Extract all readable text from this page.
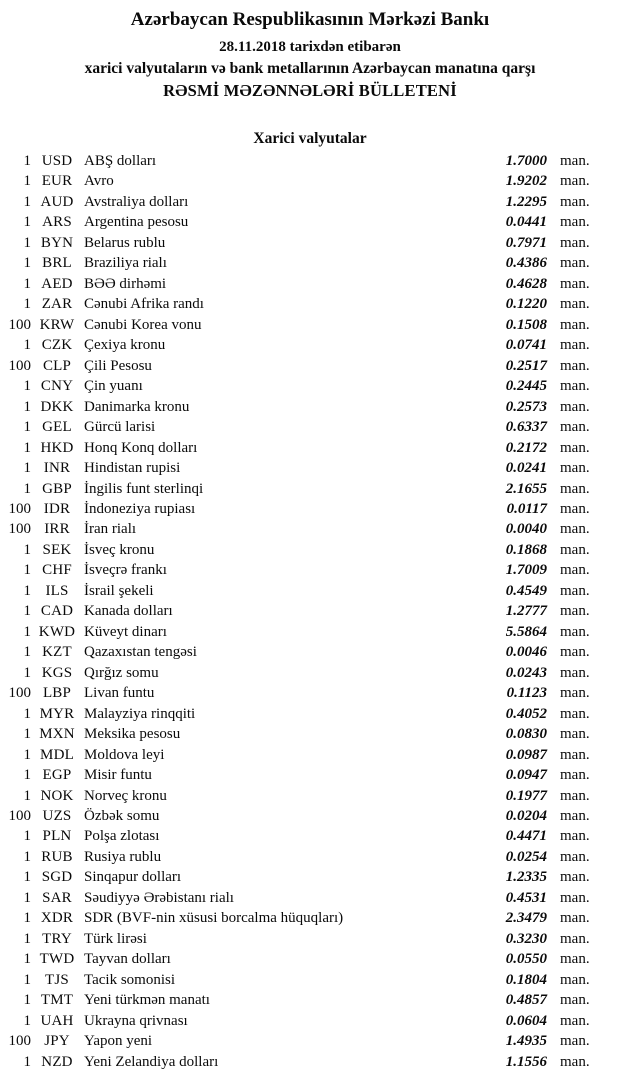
Azərbaycan Respublikasının Mərkəzi Bankı
28.11.2018 tarixdən etibarən
xarici valyutaların və bank metallarının Azərbaycan manatına qarşı
RƏSMİ MƏZƏNNƏLƏRİ BÜLLETENİ
Xarici valyutalar
1 USD ABŞ dolları	1.7000 man.
1 EUR Avro	1.9202 man.
1 AUD Avstraliya dolları	1.2295 man.
1 ARS Argentina pesosu	0.0441 man.
1 BYN Belarus rublu	0.7971 man.
1 BRL Braziliya rialı	0.4386 man.
1 AED BƏƏ dirhəmi	0.4628 man.
1 ZAR Cənubi Afrika randı	0.1220 man.
100 KRW Cənubi Korea vonu	0.1508 man.
1 CZK Çexiya kronu	0.0741 man.
100 CLP Çili Pesosu	0.2517 man.
1 CNY Çin yuanı	0.2445 man.
1 DKK Danimarka kronu	0.2573 man.
1 GEL Gürcü larisi	0.6337 man.
1 HKD Honq Konq dolları	0.2172 man.
1 INR Hindistan rupisi	0.0241 man.
1 GBP İngilis funt sterlinqi	2.1655 man.
100 IDR İndoneziya rupiası	0.0117 man.
100 IRR İran rialı	0.0040 man.
1 SEK İsveç kronu	0.1868 man.
1 CHF İsveçrə frankı	1.7009 man.
1 ILS	İsrail şekeli	0.4549 man.
1 CAD Kanada dolları	1.2777 man.
1 KWD Küveyt dinarı	5.5864 man.
1 KZT Qazaxıstan tengəsi	0.0046 man.
1 KGS Qırğız somu	0.0243 man.
100 LBP Livan funtu	0.1123 man.
1 MYR Malayziya rinqqiti	0.4052 man.
1 MXN Meksika pesosu	0.0830 man.
1 MDL Moldova leyi	0.0987 man.
1 EGP Misir funtu	0.0947 man.
1 NOK Norveç kronu	0.1977 man.
100 UZS Özbək somu	0.0204 man.
1 PLN Polşa zlotası	0.4471 man.
1 RUB Rusiya rublu	0.0254 man.
1 SGD Sinqapur dolları	1.2335 man.
1 SAR Səudiyyə Ərəbistanı rialı	0.4531 man.
1 XDR SDR (BVF-nin xüsusi borcalma hüquqları)	2.3479 man.
1 TRY Türk lirəsi	0.3230 man.
1 TWD Tayvan dolları	0.0550 man.
1 TJS	Tacik somonisi	0.1804 man.
1 TMT Yeni türkmən manatı	0.4857 man.
1 UAH Ukrayna qrivnası	0.0604 man.
100 JPY Yapon yeni	1.4935 man.
1 NZD Yeni Zelandiya dolları	1.1556 man.
